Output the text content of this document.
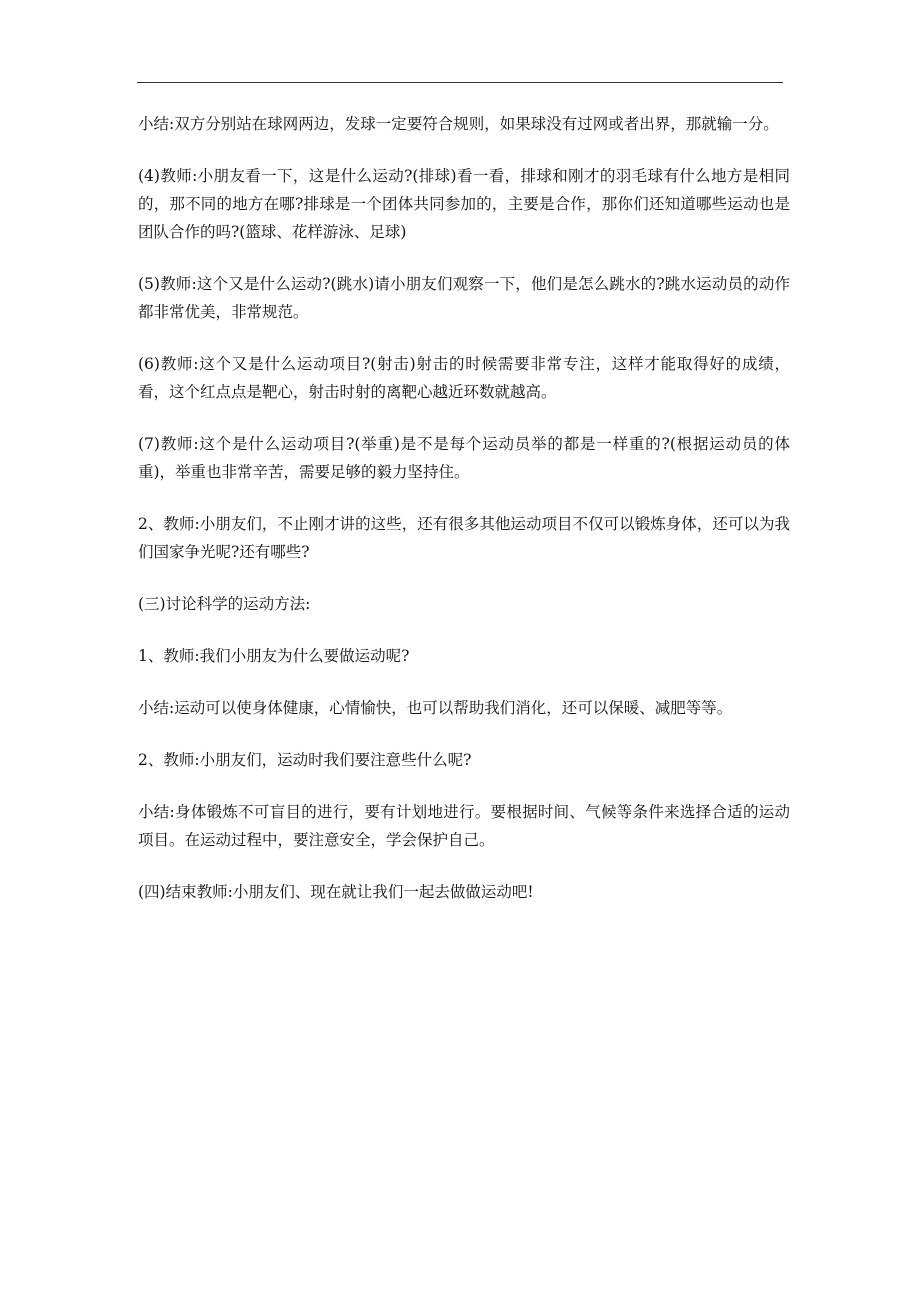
小结:双方分别站在球网两边，发球一定要符合规则，如果球没有过网或者出界，那就输一分。

(4)教师:小朋友看一下，这是什么运动?(排球)看一看，排球和刚才的羽毛球有什么地方是相同的，那不同的地方在哪?排球是一个团体共同参加的，主要是合作，那你们还知道哪些运动也是团队合作的吗?(篮球、花样游泳、足球)

(5)教师:这个又是什么运动?(跳水)请小朋友们观察一下，他们是怎么跳水的?跳水运动员的动作都非常优美，非常规范。

(6)教师:这个又是什么运动项目?(射击)射击的时候需要非常专注，这样才能取得好的成绩，看，这个红点点是靶心，射击时射的离靶心越近环数就越高。

(7)教师:这个是什么运动项目?(举重)是不是每个运动员举的都是一样重的?(根据运动员的体重)，举重也非常辛苦，需要足够的毅力坚持住。

2、教师:小朋友们，不止刚才讲的这些，还有很多其他运动项目不仅可以锻炼身体，还可以为我们国家争光呢?还有哪些?

(三)讨论科学的运动方法:

1、教师:我们小朋友为什么要做运动呢?

小结:运动可以使身体健康，心情愉快，也可以帮助我们消化，还可以保暖、减肥等等。

2、教师:小朋友们，运动时我们要注意些什么呢?

小结:身体锻炼不可盲目的进行，要有计划地进行。要根据时间、气候等条件来选择合适的运动项目。在运动过程中，要注意安全，学会保护自己。

(四)结束教师:小朋友们、现在就让我们一起去做做运动吧!
